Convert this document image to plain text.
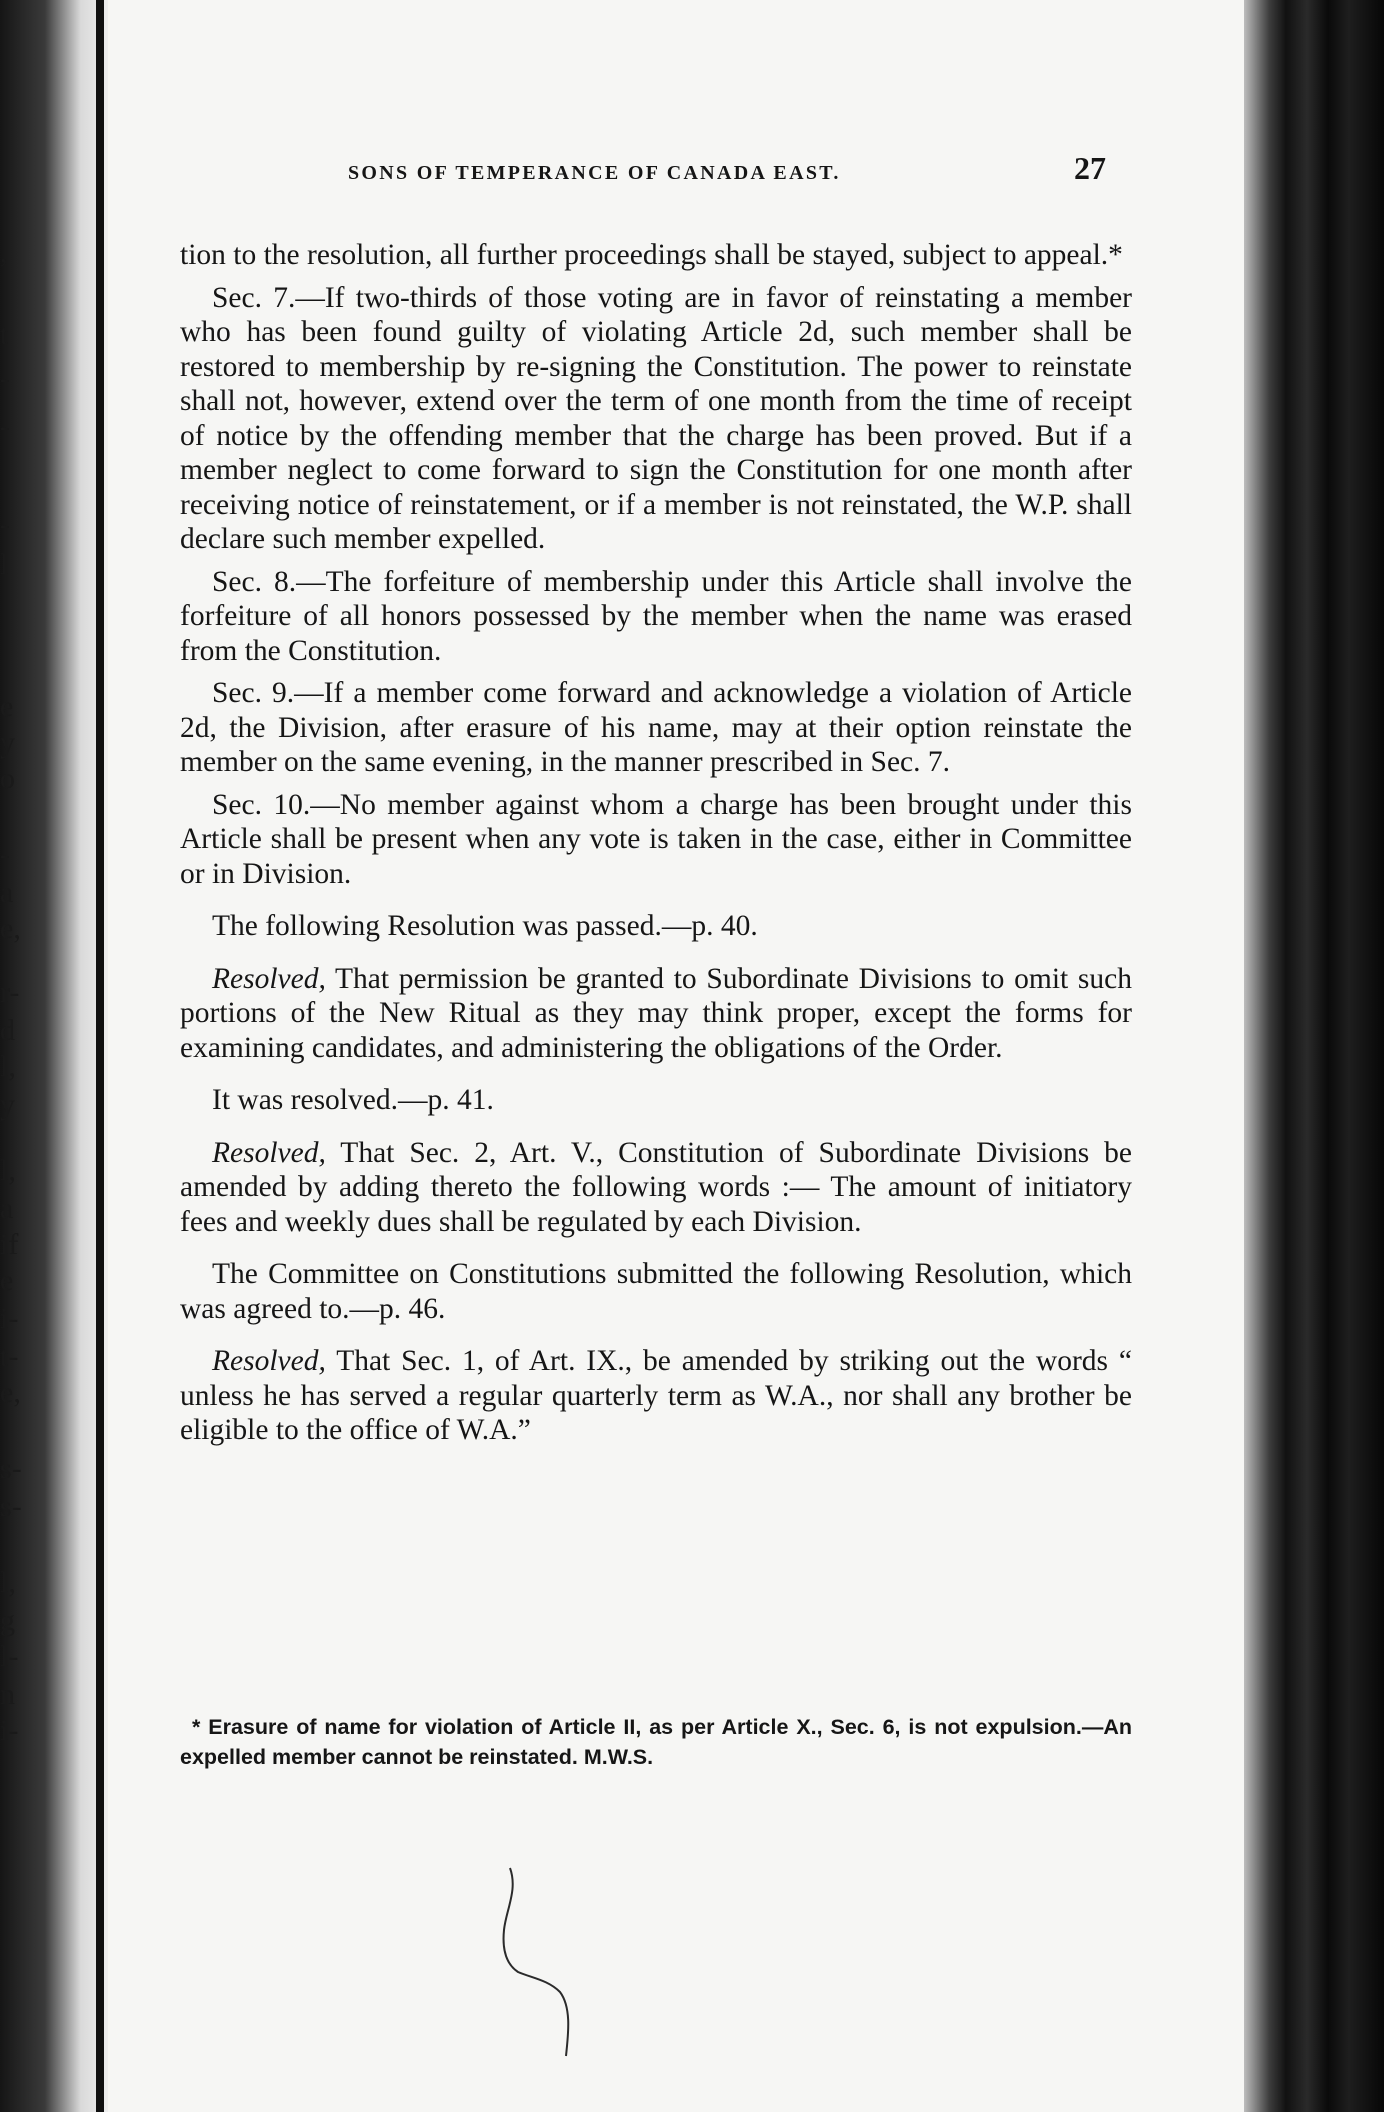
,
t
-
-
-
l
e
y
o
-
a
e,
r-
d
l,
y
l,
a
if
e
i-
t-
e,
s-
s-
l,
g
l-
n
i-
SONS OF TEMPERANCE OF CANADA EAST.	27

tion to the resolution, all further proceedings shall be stayed, subject to appeal.*

Sec. 7.—If two-thirds of those voting are in favor of reinstating a member who has been found guilty of violating Article 2d, such member shall be restored to membership by re-signing the Constitution. The power to reinstate shall not, however, extend over the term of one month from the time of receipt of notice by the offending member that the charge has been proved. But if a member neglect to come forward to sign the Constitution for one month after receiving notice of reinstatement, or if a member is not reinstated, the W.P. shall declare such member expelled.

Sec. 8.—The forfeiture of membership under this Article shall involve the forfeiture of all honors possessed by the member when the name was erased from the Constitution.

Sec. 9.—If a member come forward and acknowledge a violation of Article 2d, the Division, after erasure of his name, may at their option reinstate the member on the same evening, in the manner prescribed in Sec. 7.

Sec. 10.—No member against whom a charge has been brought under this Article shall be present when any vote is taken in the case, either in Committee or in Division.

The following Resolution was passed.—p. 40.

Resolved, That permission be granted to Subordinate Divisions to omit such portions of the New Ritual as they may think proper, except the forms for examining candidates, and administering the obligations of the Order.

It was resolved.—p. 41.

Resolved, That Sec. 2, Art. V., Constitution of Subordinate Divisions be amended by adding thereto the following words :— The amount of initiatory fees and weekly dues shall be regulated by each Division.

The Committee on Constitutions submitted the following Resolution, which was agreed to.—p. 46.

Resolved, That Sec. 1, of Art. IX., be amended by striking out the words “ unless he has served a regular quarterly term as W.A., nor shall any brother be eligible to the office of W.A.”

* Erasure of name for violation of Article II, as per Article X., Sec. 6, is not expulsion.—An expelled member cannot be reinstated. M.W.S.
